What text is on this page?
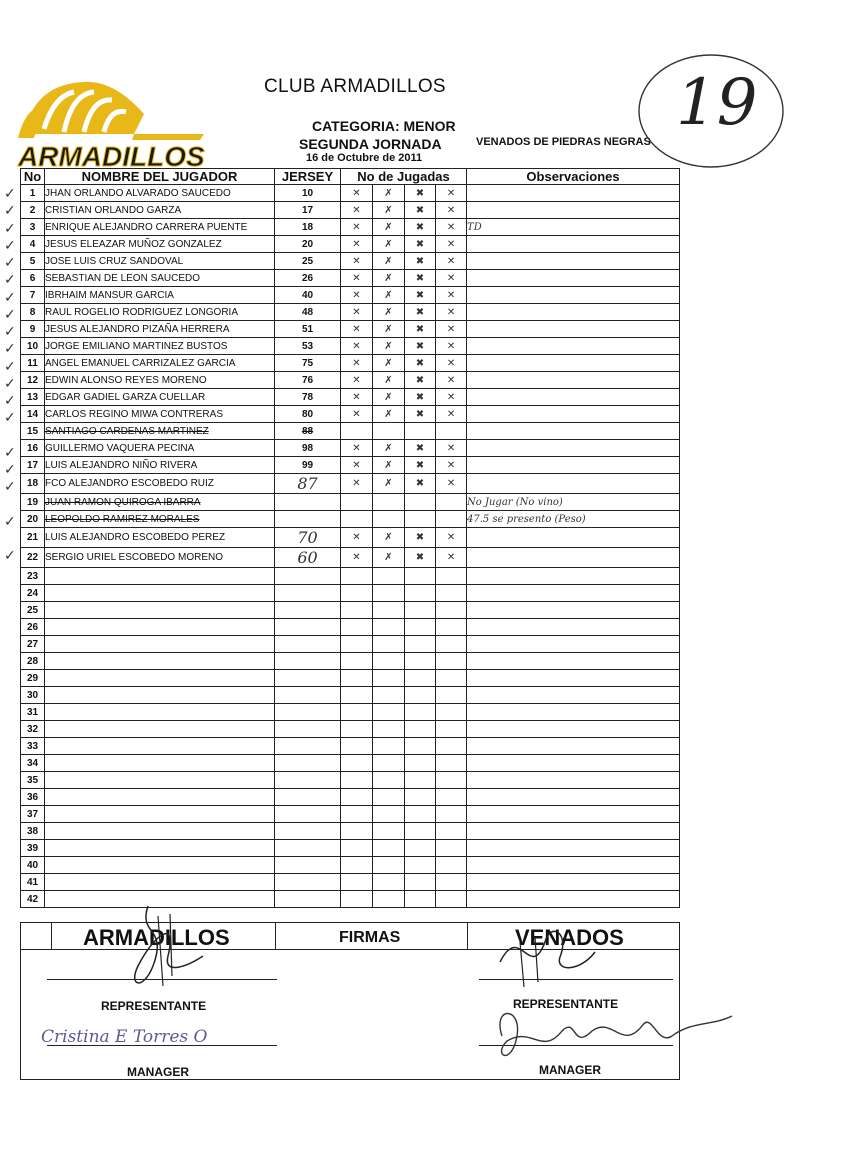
ARMADILLOS
CLUB ARMADILLOS
CATEGORIA: MENOR
SEGUNDA JORNADA
16 de Octubre de 2011
VENADOS DE PIEDRAS NEGRAS
19
No	NOMBRE DEL JUGADOR	JERSEY	No de Jugadas				Observaciones
1	JHAN ORLANDO ALVARADO SAUCEDO	10	✕	✗	✖	✕	
2	CRISTIAN ORLANDO GARZA	17	✕	✗	✖	✕	
3	ENRIQUE ALEJANDRO CARRERA PUENTE	18	✕	✗	✖	✕	TD
4	JESUS ELEAZAR MUÑOZ GONZALEZ	20	✕	✗	✖	✕	
5	JOSE LUIS CRUZ SANDOVAL	25	✕	✗	✖	✕	
6	SEBASTIAN DE LEON SAUCEDO	26	✕	✗	✖	✕	
7	IBRHAIM MANSUR GARCIA	40	✕	✗	✖	✕	
8	RAUL ROGELIO RODRIGUEZ LONGORIA	48	✕	✗	✖	✕	
9	JESUS ALEJANDRO PIZAÑA HERRERA	51	✕	✗	✖	✕	
10	JORGE EMILIANO MARTINEZ BUSTOS	53	✕	✗	✖	✕	
11	ANGEL EMANUEL CARRIZALEZ GARCIA	75	✕	✗	✖	✕	
12	EDWIN ALONSO REYES MORENO	76	✕	✗	✖	✕	
13	EDGAR GADIEL GARZA CUELLAR	78	✕	✗	✖	✕	
14	CARLOS REGINO MIWA CONTRERAS	80	✕	✗	✖	✕	
15	SANTIAGO CARDENAS MARTINEZ	88					
16	GUILLERMO VAQUERA PECINA	98	✕	✗	✖	✕	
17	LUIS ALEJANDRO NIÑO RIVERA	99	✕	✗	✖	✕	
18	FCO ALEJANDRO ESCOBEDO RUIZ	87	✕	✗	✖	✕	
19	JUAN RAMON QUIROGA IBARRA						No Jugar (No vino)
20	LEOPOLDO RAMIREZ MORALES						47.5 se presento (Peso)
21	LUIS ALEJANDRO ESCOBEDO PEREZ	70	✕	✗	✖	✕	
22	SERGIO URIEL ESCOBEDO MORENO	60	✕	✗	✖	✕	
23							
24							
25							
26							
27							
28							
29							
30							
31							
32							
33							
34							
35							
36							
37							
38							
39							
40							
41							
42							
✓
✓
✓
✓
✓
✓
✓
✓
✓
✓
✓
✓
✓
✓
✓
✓
✓
✓
✓
ARMADILLOS	FIRMAS	VENADOS
REPRESENTANTE	REPRESENTANTE
Cristina E Torres O
MANAGER	MANAGER
